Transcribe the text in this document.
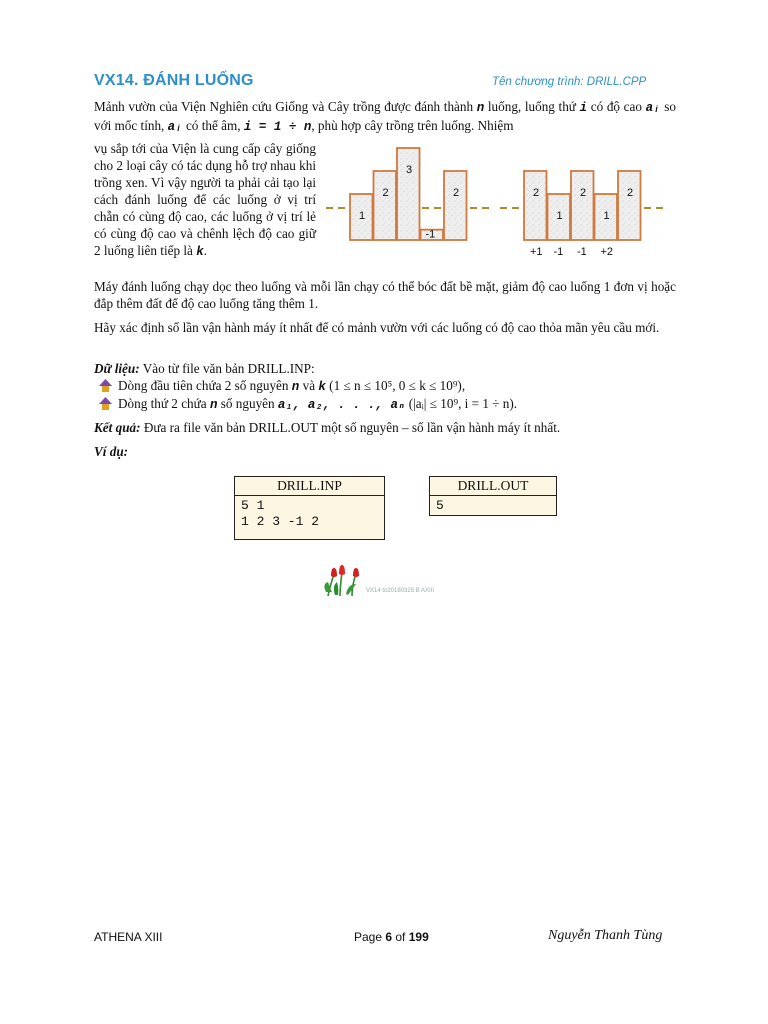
VX14. ĐÁNH LUỐNG	Tên chương trình: DRILL.CPP
Mảnh vườn của Viện Nghiên cứu Giống và Cây trồng được đánh thành n luống, luống thứ i có độ cao aᵢ so với mốc tính, aᵢ có thể âm, i = 1 ÷ n, phù hợp cây trồng trên luống. Nhiệm
1
2
3
-1
2	2
1
2
1
2
+1 -1 -1 +2
vụ sắp tới của Viện là cung cấp cây giống cho 2 loại cây có tác dụng hỗ trợ nhau khi trồng xen. Vì vậy người ta phải cải tạo lại cách đánh luống để các luống ở vị trí chẵn có cùng độ cao, các luống ở vị trí lẻ có cùng độ cao và chênh lệch độ cao giữ 2 luống liên tiếp là k.
Máy đánh luống chạy dọc theo luống và mỗi lần chạy có thể bóc đất bề mặt, giảm độ cao luống 1 đơn vị hoặc đắp thêm đất để độ cao luống tăng thêm 1.
Hãy xác định số lần vận hành máy ít nhất để có mảnh vườn với các luống có độ cao thỏa mãn yêu cầu mới.
Dữ liệu: Vào từ file văn bản DRILL.INP:
Dòng đầu tiên chứa 2 số nguyên n và k (1 ≤ n ≤ 10⁵, 0 ≤ k ≤ 10⁹),
Dòng thứ 2 chứa n số nguyên a₁, a₂, . . ., aₙ (|aᵢ| ≤ 10⁹, i = 1 ÷ n).
Kết quả: Đưa ra file văn bản DRILL.OUT một số nguyên – số lần vận hành máy ít nhất.
Ví dụ:
DRILL.INP
5 1
1 2 3 -1 2
DRILL.OUT
5
VX14 to20180325 B AXIII
ATHENA XIII	Page 6 of 199	Nguyễn Thanh Tùng
